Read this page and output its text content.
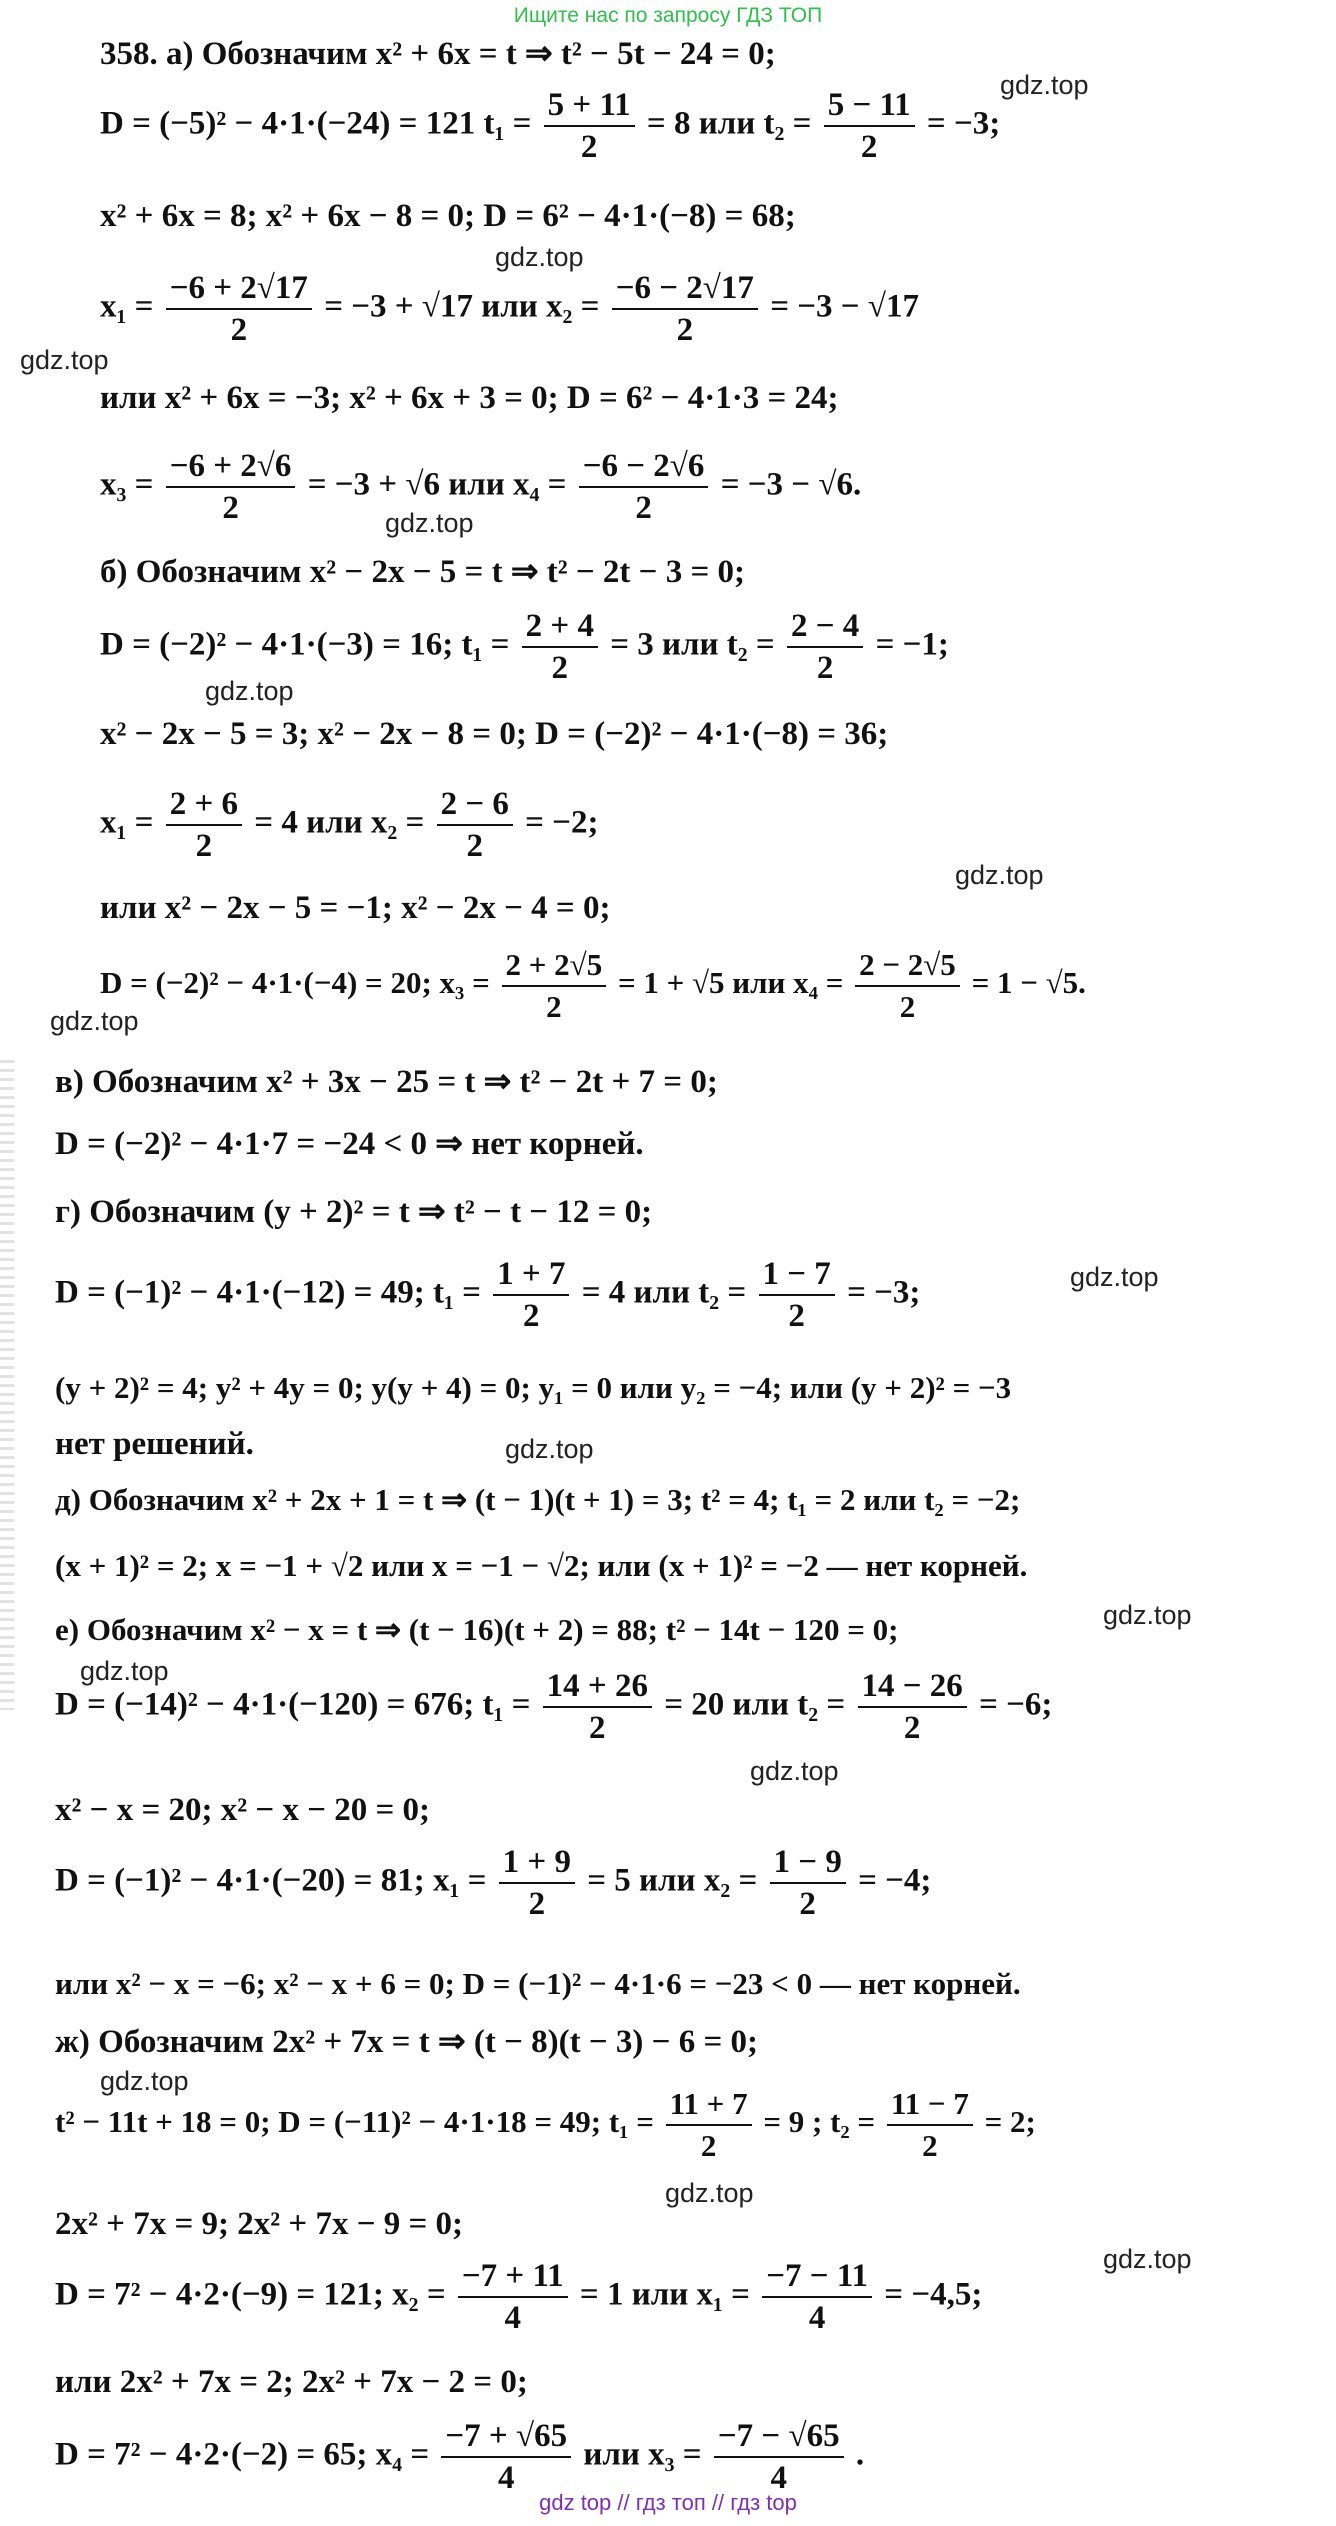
Ищите нас по запросу ГДЗ ТОП
358. а) Обозначим x² + 6x = t ⇒ t² − 5t − 24 = 0;
D = (−5)² − 4·1·(−24) = 121 $t_1 = \frac{5 + 11}{2} = 8$ или $t_2 = \frac{5 - 11}{2} = -3$;
x² + 6x = 8; x² + 6x − 8 = 0; D = 6² − 4·1·(−8) = 68;
$x_1 = \frac{-6 + 2√17}{2} = -3 + √17$ или $x_2 = \frac{-6 - 2√17}{2} = -3 - √17$
или x² + 6x = −3; x² + 6x + 3 = 0; D = 6² − 4·1·3 = 24;
$x_3 = \frac{-6 + 2√6}{2} = -3 + √6$ или $x_4 = \frac{-6 - 2√6}{2} = -3 - √6$.
б) Обозначим x² − 2x − 5 = t ⇒ t² − 2t − 3 = 0;
D = (−2)² − 4·1·(−3) = 16; $t_1 = \frac{2 + 4}{2} = 3$ или $t_2 = \frac{2 - 4}{2} = -1$;
x² − 2x − 5 = 3; x² − 2x − 8 = 0; D = (−2)² − 4·1·(−8) = 36;
$x_1 = \frac{2 + 6}{2} = 4$ или $x_2 = \frac{2 - 6}{2} = -2$;
или x² − 2x − 5 = −1; x² − 2x − 4 = 0;
D = (−2)² − 4·1·(−4) = 20; $x_3 = \frac{2 + 2√5}{2} = 1 + √5$ или $x_4 = \frac{2 - 2√5}{2} = 1 - √5$.
в) Обозначим x² + 3x − 25 = t ⇒ t² − 2t + 7 = 0;
D = (−2)² − 4·1·7 = −24 < 0 ⇒ нет корней.
г) Обозначим (y + 2)² = t ⇒ t² − t − 12 = 0;
D = (−1)² − 4·1·(−12) = 49; $t_1 = \frac{1 + 7}{2} = 4$ или $t_2 = \frac{1 - 7}{2} = -3$;
(y + 2)² = 4; y² + 4y = 0; y(y + 4) = 0; y₁ = 0 или y₂ = −4; или (y + 2)² = −3
нет решений.
д) Обозначим x² + 2x + 1 = t ⇒ (t − 1)(t + 1) = 3; t² = 4; t₁ = 2 или t₂ = −2;
(x + 1)² = 2; x = −1 + √2 или x = −1 − √2; или (x + 1)² = −2 — нет корней.
е) Обозначим x² − x = t ⇒ (t − 16)(t + 2) = 88; t² − 14t − 120 = 0;
D = (−14)² − 4·1·(−120) = 676; $t_1 = \frac{14 + 26}{2} = 20$ или $t_2 = \frac{14 - 26}{2} = -6$;
x² − x = 20; x² − x − 20 = 0;
D = (−1)² − 4·1·(−20) = 81; $x_1 = \frac{1 + 9}{2} = 5$ или $x_2 = \frac{1 - 9}{2} = -4$;
или x² − x = −6; x² − x + 6 = 0; D = (−1)² − 4·1·6 = −23 < 0 — нет корней.
ж) Обозначим 2x² + 7x = t ⇒ (t − 8)(t − 3) − 6 = 0;
t² − 11t + 18 = 0; D = (−11)² − 4·1·18 = 49; $t_1 = \frac{11 + 7}{2} = 9$ ; $t_2 = \frac{11 - 7}{2} = 2$;
2x² + 7x = 9; 2x² + 7x − 9 = 0;
D = 7² − 4·2·(−9) = 121; $x_2 = \frac{-7 + 11}{4} = 1$ или $x_1 = \frac{-7 - 11}{4} = -4,5$;
или 2x² + 7x = 2; 2x² + 7x − 2 = 0;
D = 7² − 4·2·(−2) = 65; $x_4 = \frac{-7 + √65}{4}$ или $x_3 = \frac{-7 - √65}{4}$ .
gdz.top
gdz.top
gdz.top
gdz.top
gdz.top
gdz.top
gdz.top
gdz.top
gdz.top
gdz.top
gdz.top
gdz.top
gdz.top
gdz.top
gdz.top
gdz top // гдз топ // гдз top
